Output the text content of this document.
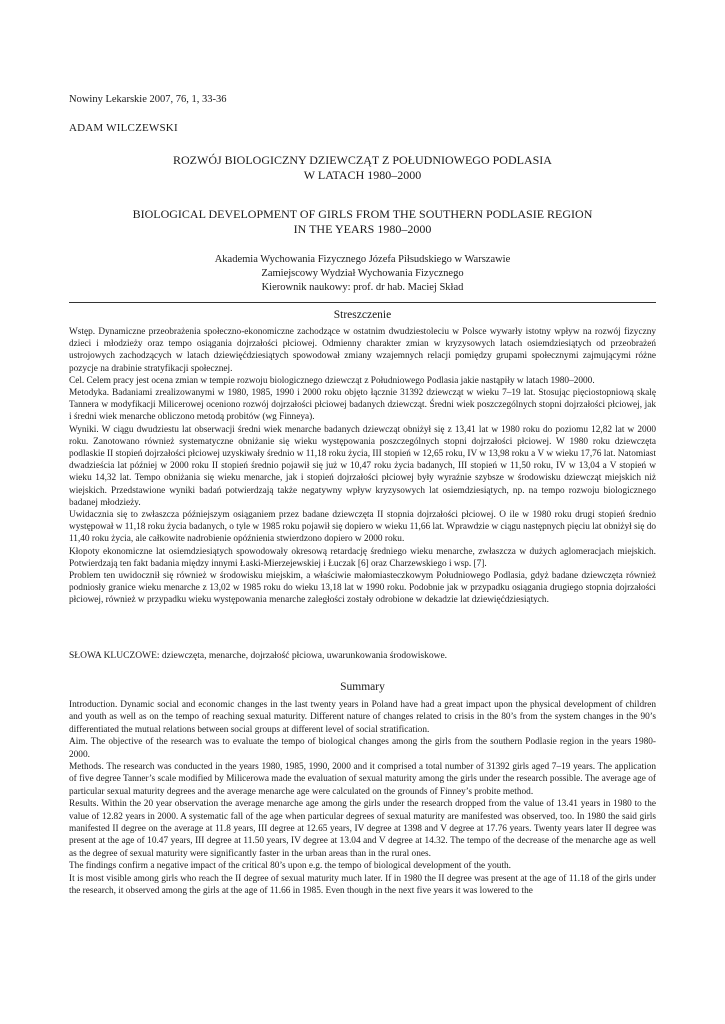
Nowiny Lekarskie 2007, 76, 1, 33-36
ADAM WILCZEWSKI
ROZWÓJ BIOLOGICZNY DZIEWCZĄT Z POŁUDNIOWEGO PODLASIA
W LATACH 1980–2000
BIOLOGICAL DEVELOPMENT OF GIRLS FROM THE SOUTHERN PODLASIE REGION
IN THE YEARS 1980–2000
Akademia Wychowania Fizycznego Józefa Piłsudskiego w Warszawie
Zamiejscowy Wydział Wychowania Fizycznego
Kierownik naukowy: prof. dr hab. Maciej Skład
Streszczenie

Wstęp. Dynamiczne przeobrażenia społeczno-ekonomiczne zachodzące w ostatnim dwudziestoleciu w Polsce wywarły istotny wpływ na rozwój fizyczny dzieci i młodzieży oraz tempo osiągania dojrzałości płciowej. Odmienny charakter zmian w kryzysowych latach osiemdziesiątych od przeobrażeń ustrojowych zachodzących w latach dziewięćdziesiątych spowodował zmiany wzajemnych relacji pomiędzy grupami społecznymi zajmującymi różne pozycje na drabinie stratyfikacji społecznej.

Cel. Celem pracy jest ocena zmian w tempie rozwoju biologicznego dziewcząt z Południowego Podlasia jakie nastąpiły w latach 1980–2000.

Metodyka. Badaniami zrealizowanymi w 1980, 1985, 1990 i 2000 roku objęto łącznie 31392 dziewcząt w wieku 7–19 lat. Stosując pięciostopniową skalę Tannera w modyfikacji Milicerowej oceniono rozwój dojrzałości płciowej badanych dziewcząt. Średni wiek poszczególnych stopni dojrzałości płciowej, jak i średni wiek menarche obliczono metodą probitów (wg Finneya).

Wyniki. W ciągu dwudziestu lat obserwacji średni wiek menarche badanych dziewcząt obniżył się z 13,41 lat w 1980 roku do poziomu 12,82 lat w 2000 roku. Zanotowano również systematyczne obniżanie się wieku występowania poszczególnych stopni dojrzałości płciowej. W 1980 roku dziewczęta podlaskie II stopień dojrzałości płciowej uzyskiwały średnio w 11,18 roku życia, III stopień w 12,65 roku, IV w 13,98 roku a V w wieku 17,76 lat. Natomiast dwadzieścia lat później w 2000 roku II stopień średnio pojawił się już w 10,47 roku życia badanych, III stopień w 11,50 roku, IV w 13,04 a V stopień w wieku 14,32 lat. Tempo obniżania się wieku menarche, jak i stopień dojrzałości płciowej były wyraźnie szybsze w środowisku dziewcząt miejskich niż wiejskich. Przedstawione wyniki badań potwierdzają także negatywny wpływ kryzysowych lat osiemdziesiątych, np. na tempo rozwoju biologicznego badanej młodzieży.

Uwidacznia się to zwłaszcza późniejszym osiąganiem przez badane dziewczęta II stopnia dojrzałości płciowej. O ile w 1980 roku drugi stopień średnio występował w 11,18 roku życia badanych, o tyle w 1985 roku pojawił się dopiero w wieku 11,66 lat. Wprawdzie w ciągu następnych pięciu lat obniżył się do 11,40 roku życia, ale całkowite nadrobienie opóźnienia stwierdzono dopiero w 2000 roku.

Kłopoty ekonomiczne lat osiemdziesiątych spowodowały okresową retardację średniego wieku menarche, zwłaszcza w dużych aglomeracjach miejskich. Potwierdzają ten fakt badania między innymi Łaski-Mierzejewskiej i Łuczak [6] oraz Charzewskiego i wsp. [7].

Problem ten uwidocznił się również w środowisku miejskim, a właściwie małomiasteczkowym Południowego Podlasia, gdyż badane dziewczęta również podniosły granice wieku menarche z 13,02 w 1985 roku do wieku 13,18 lat w 1990 roku. Podobnie jak w przypadku osiągania drugiego stopnia dojrzałości płciowej, również w przypadku wieku występowania menarche zaległości zostały odrobione w dekadzie lat dziewięćdziesiątych.

SŁOWA KLUCZOWE: dziewczęta, menarche, dojrzałość płciowa, uwarunkowania środowiskowe.
Summary

Introduction. Dynamic social and economic changes in the last twenty years in Poland have had a great impact upon the physical development of children and youth as well as on the tempo of reaching sexual maturity. Different nature of changes related to crisis in the 80’s from the system changes in the 90’s differentiated the mutual relations between social groups at different level of social stratification.

Aim. The objective of the research was to evaluate the tempo of biological changes among the girls from the southern Podlasie region in the years 1980- 2000.

Methods. The research was conducted in the years 1980, 1985, 1990, 2000 and it comprised a total number of 31392 girls aged 7–19 years. The application of five degree Tanner’s scale modified by Milicerowa made the evaluation of sexual maturity among the girls under the research possible. The average age of particular sexual maturity degrees and the average menarche age were calculated on the grounds of Finney’s probite method.

Results. Within the 20 year observation the average menarche age among the girls under the research dropped from the value of 13.41 years in 1980 to the value of 12.82 years in 2000. A systematic fall of the age when particular degrees of sexual maturity are manifested was observed, too. In 1980 the said girls manifested II degree on the average at 11.8 years, III degree at 12.65 years, IV degree at 1398 and V degree at 17.76 years. Twenty years later II degree was present at the age of 10.47 years, III degree at 11.50 years, IV degree at 13.04 and V degree at 14.32. The tempo of the decrease of the menarche age as well as the degree of sexual maturity were significantly faster in the urban areas than in the rural ones.

The findings confirm a negative impact of the critical 80’s upon e.g. the tempo of biological development of the youth.

It is most visible among girls who reach the II degree of sexual maturity much later. If in 1980 the II degree was present at the age of 11.18 of the girls under the research, it observed among the girls at the age of 11.66 in 1985. Even though in the next five years it was lowered to the
